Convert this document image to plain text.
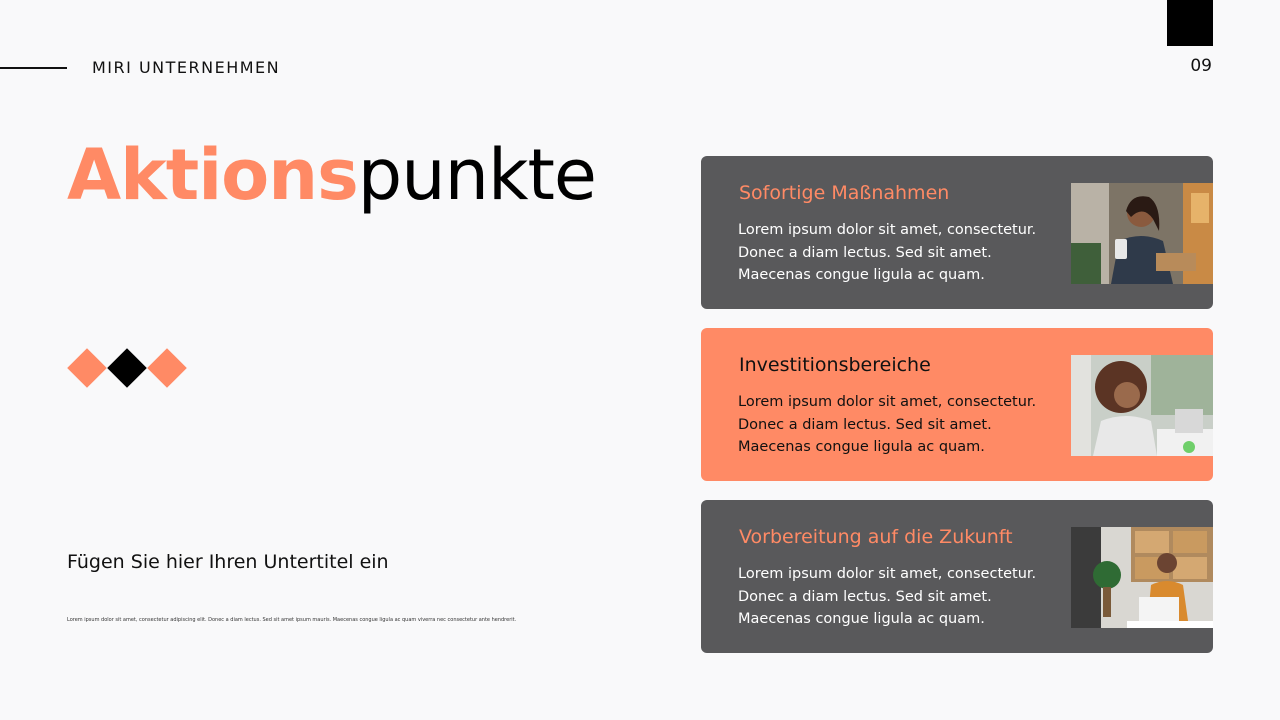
MIRI UNTERNEHMEN	09
Aktionspunkte
Fügen Sie hier Ihren Untertitel ein
Lorem ipsum dolor sit amet, consectetur adipiscing elit. Donec a diam lectus. Sed sit amet ipsum mauris. Maecenas congue ligula ac quam viverra nec consectetur ante hendrerit.
Sofortige Maßnahmen
Lorem ipsum dolor sit amet, consectetur.
Donec a diam lectus. Sed sit amet.
Maecenas congue ligula ac quam.
Investitionsbereiche
Lorem ipsum dolor sit amet, consectetur.
Donec a diam lectus. Sed sit amet.
Maecenas congue ligula ac quam.
Vorbereitung auf die Zukunft
Lorem ipsum dolor sit amet, consectetur.
Donec a diam lectus. Sed sit amet.
Maecenas congue ligula ac quam.
